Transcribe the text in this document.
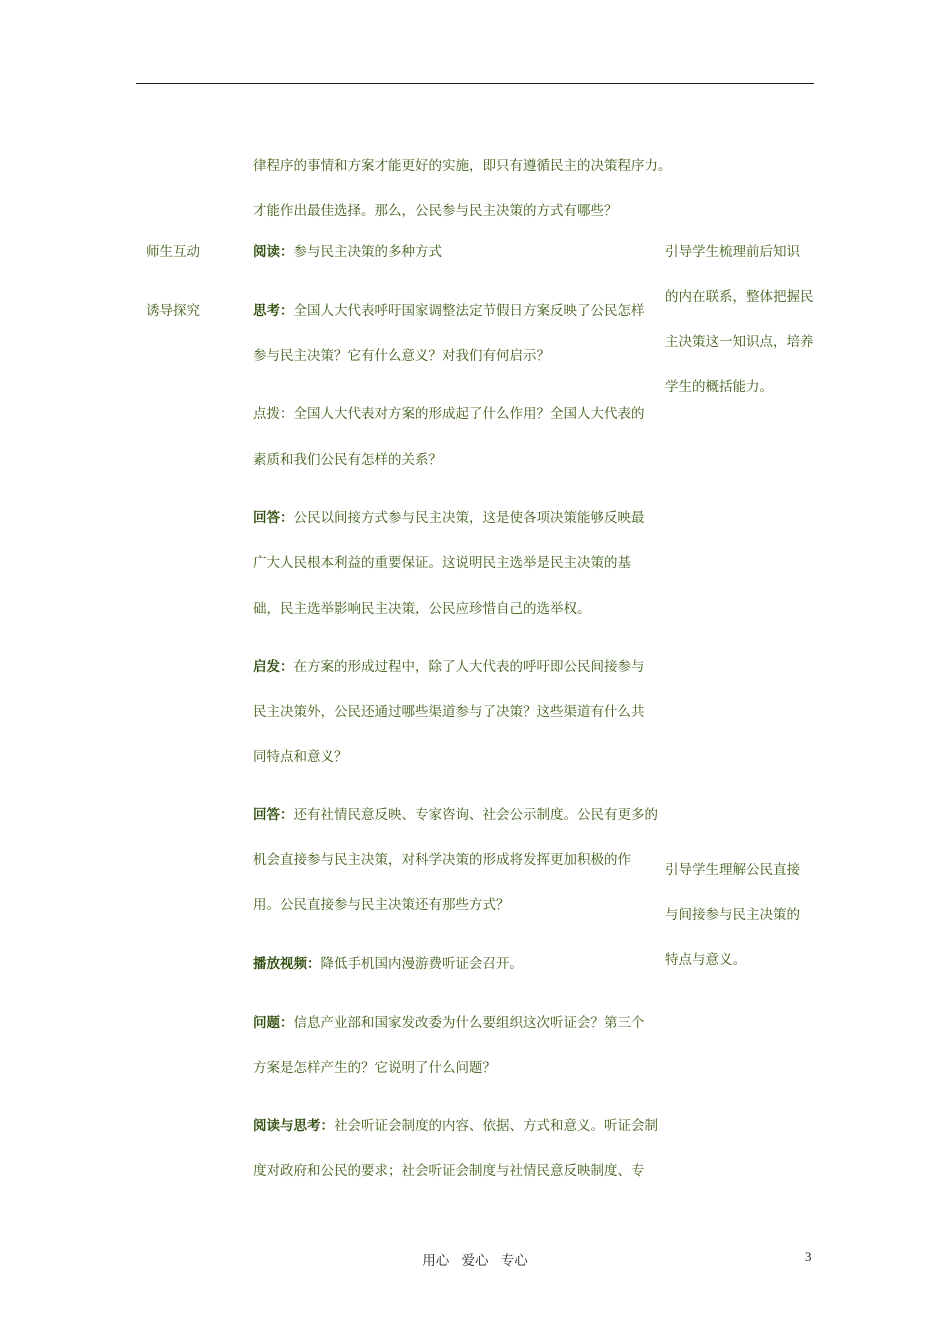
师生互动
诱导探究
律程序的事情和方案才能更好的实施，即只有遵循民主的决策程序力。
才能作出最佳选择。那么，公民参与民主决策的方式有哪些？
阅读：参与民主决策的多种方式
思考：全国人大代表呼吁国家调整法定节假日方案反映了公民怎样
参与民主决策？它有什么意义？对我们有何启示？
点拨：全国人大代表对方案的形成起了什么作用？全国人大代表的
素质和我们公民有怎样的关系？
回答：公民以间接方式参与民主决策，这是使各项决策能够反映最
广大人民根本利益的重要保证。这说明民主选举是民主决策的基
础，民主选举影响民主决策，公民应珍惜自己的选举权。
启发：在方案的形成过程中，除了人大代表的呼吁即公民间接参与
民主决策外，公民还通过哪些渠道参与了决策？这些渠道有什么共
同特点和意义？
回答：还有社情民意反映、专家咨询、社会公示制度。公民有更多的
机会直接参与民主决策，对科学决策的形成将发挥更加积极的作
用。公民直接参与民主决策还有那些方式？
播放视频：降低手机国内漫游费听证会召开。
问题：信息产业部和国家发改委为什么要组织这次听证会？第三个
方案是怎样产生的？它说明了什么问题？
阅读与思考：社会听证会制度的内容、依据、方式和意义。听证会制
度对政府和公民的要求；社会听证会制度与社情民意反映制度、专
引导学生梳理前后知识
的内在联系，整体把握民
主决策这一知识点，培养
学生的概括能力。
引导学生理解公民直接
与间接参与民主决策的
特点与意义。
用心 爱心 专心	3
